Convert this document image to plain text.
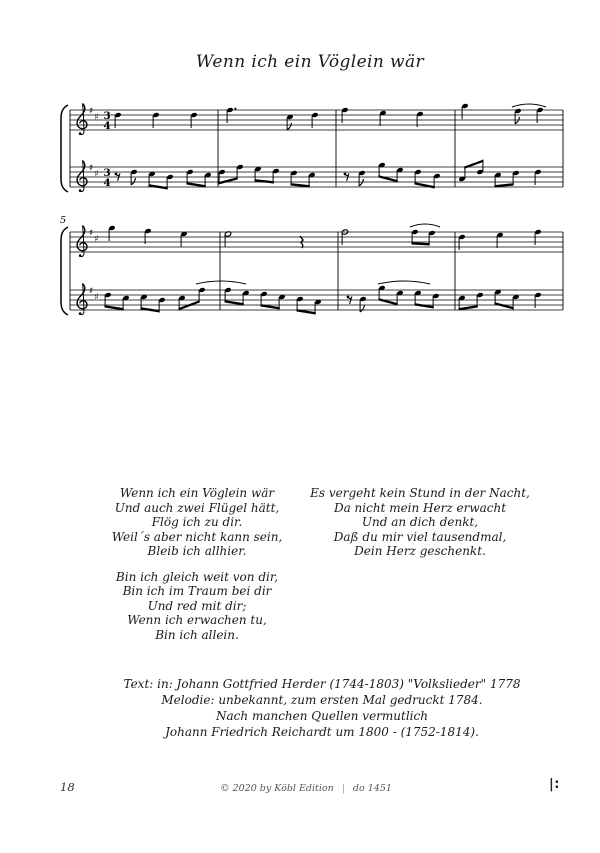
Wenn ich ein Vöglein wär
♯
♯ 3
4
♯
♯ 3
4
5
♯
♯
♯
♯

Wenn ich ein Vöglein wär

Und auch zwei Flügel hätt,

Flög ich zu dir.

Weil´s aber nicht kann sein,

Bleib ich allhier.

Bin ich gleich weit von dir,

Bin ich im Traum bei dir

Und red mit dir;

Wenn ich erwachen tu,

Bin ich allein.

Es vergeht kein Stund in der Nacht,

Da nicht mein Herz erwacht

Und an dich denkt,

Daß du mir viel tausendmal,

Dein Herz geschenkt.

Text: in: Johann Gottfried Herder (1744-1803) "Volkslieder" 1778

Melodie: unbekannt, zum ersten Mal gedruckt 1784.

Nach manchen Quellen vermutlich

Johann Friedrich Reichardt um 1800 - (1752-1814).

18	© 2020 by Köbl Edition | do 1451	|:
